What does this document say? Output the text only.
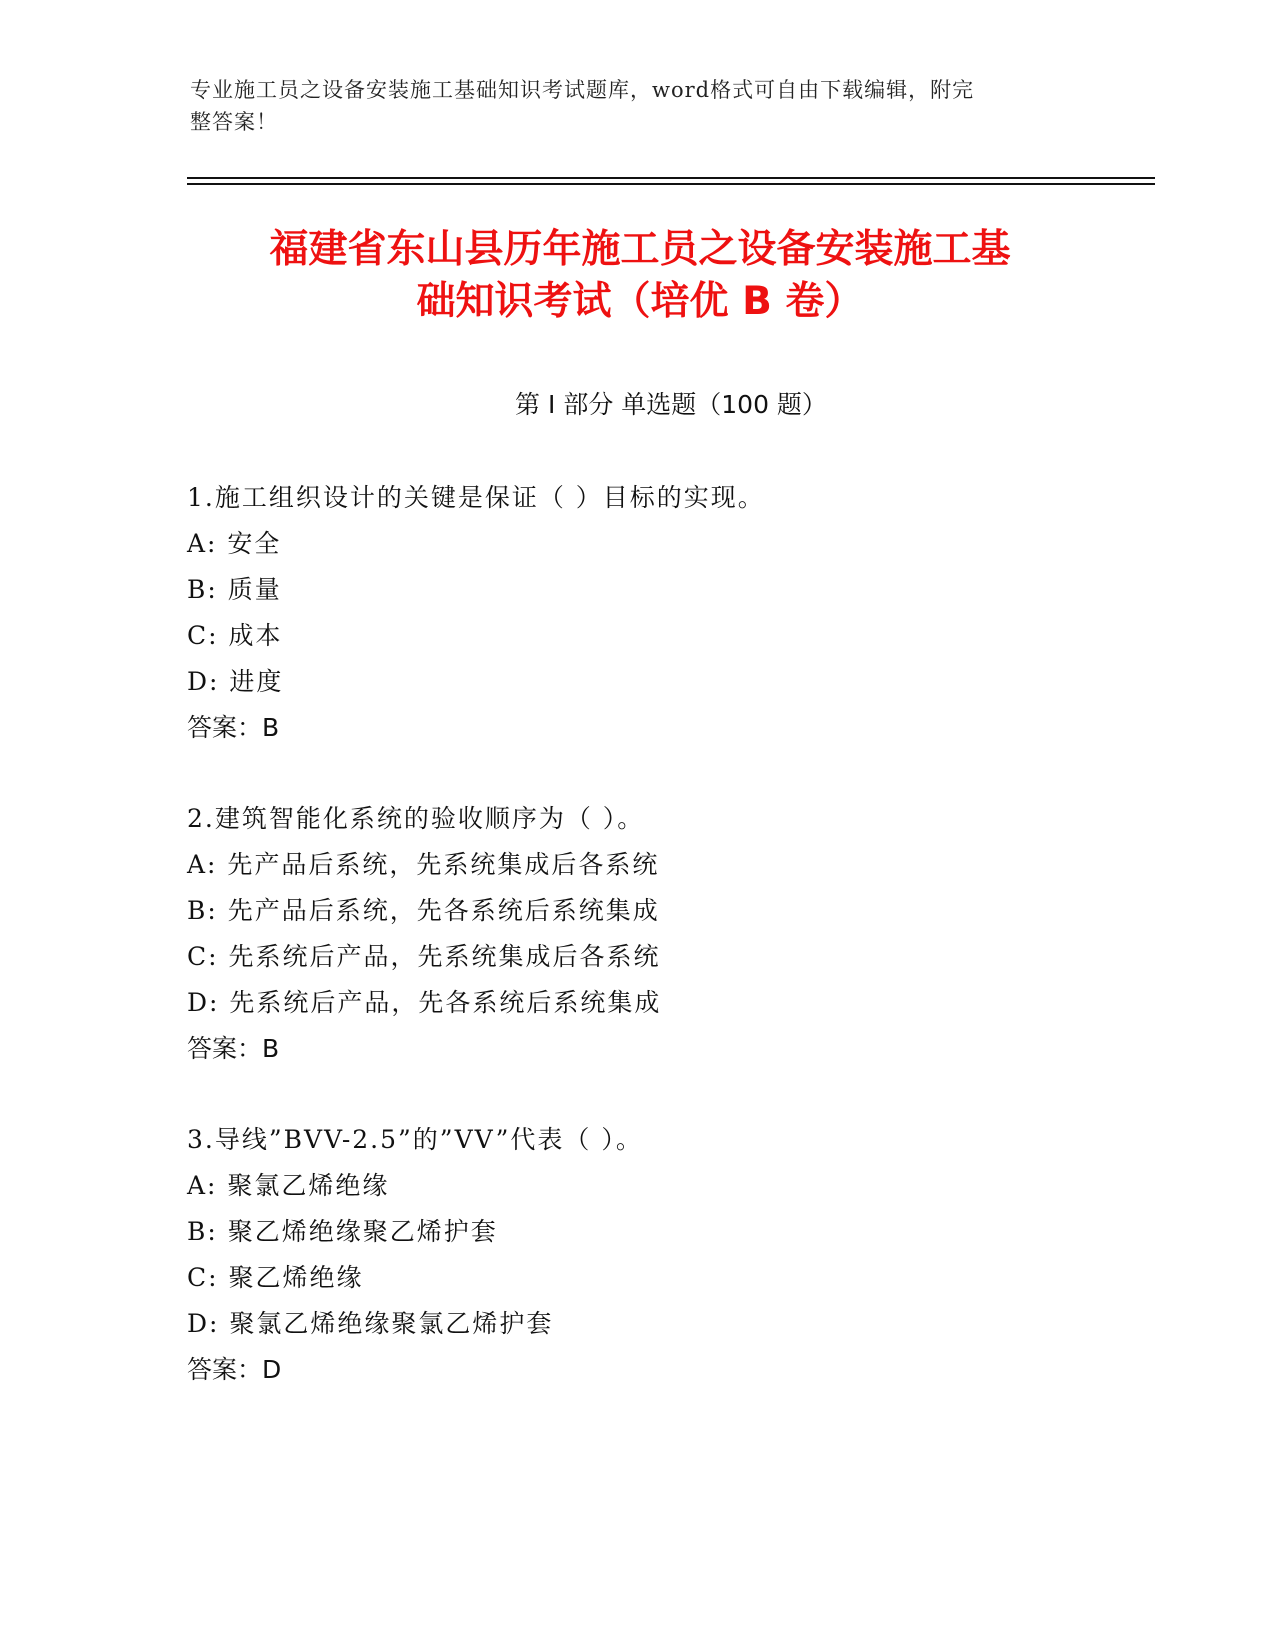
专业施工员之设备安装施工基础知识考试题库，word格式可自由下载编辑，附完
整答案！
福建省东山县历年施工员之设备安装施工基
础知识考试（培优 B 卷）
第 I 部分 单选题（100 题）
1.施工组织设计的关键是保证（ ）目标的实现。
A: 安全
B: 质量
C: 成本
D: 进度
答案：B
2.建筑智能化系统的验收顺序为（ ）。
A: 先产品后系统，先系统集成后各系统
B: 先产品后系统，先各系统后系统集成
C: 先系统后产品，先系统集成后各系统
D: 先系统后产品，先各系统后系统集成
答案：B
3.导线”BVV-2.5”的”VV”代表（ ）。
A: 聚氯乙烯绝缘
B: 聚乙烯绝缘聚乙烯护套
C: 聚乙烯绝缘
D: 聚氯乙烯绝缘聚氯乙烯护套
答案：D
